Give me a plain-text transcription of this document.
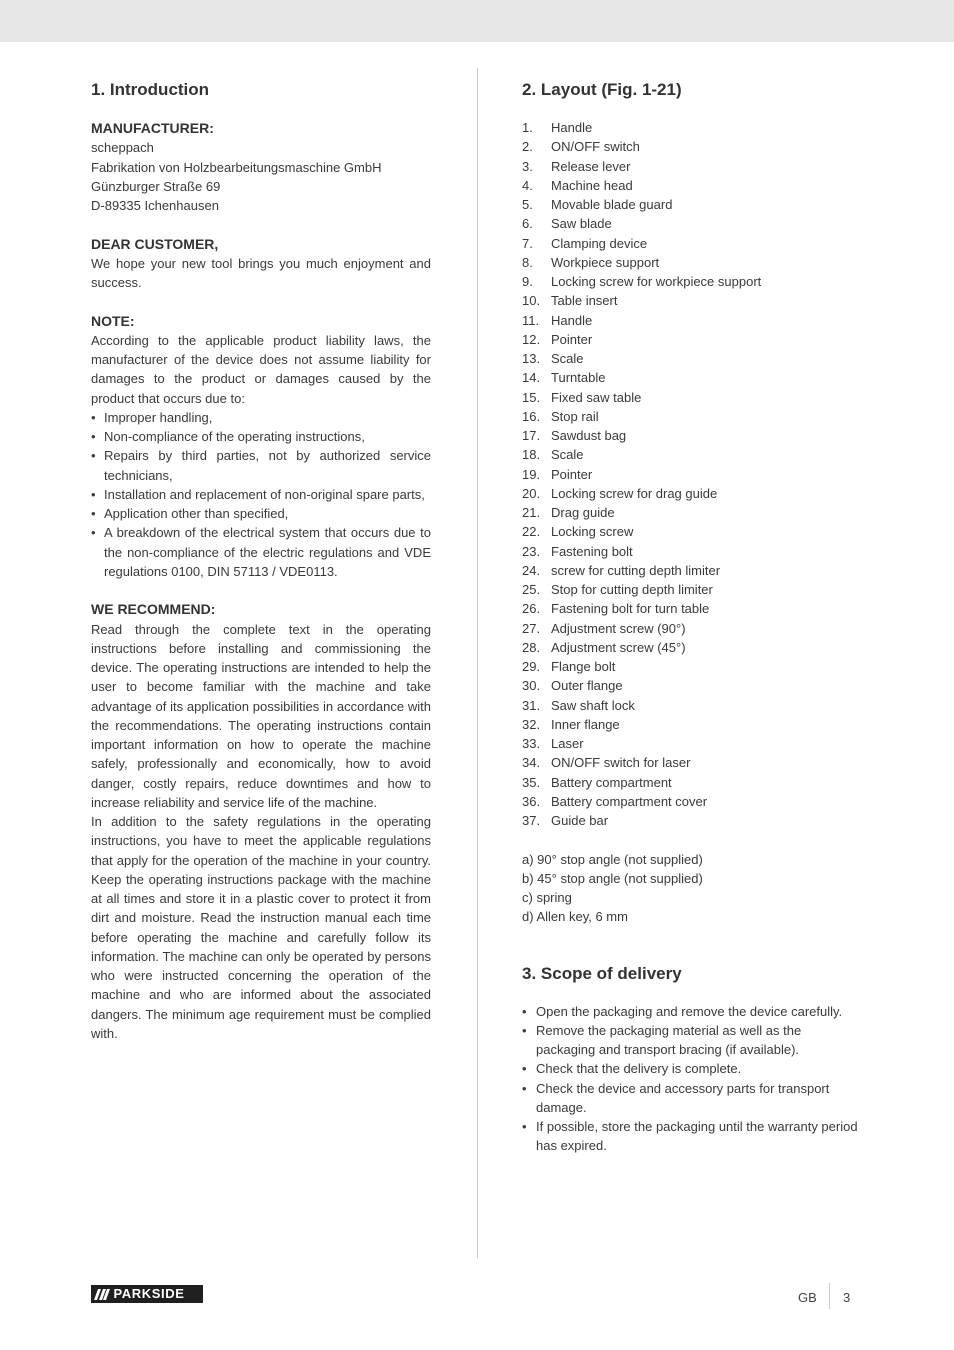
1. Introduction
MANUFACTURER:
scheppach
Fabrikation von Holzbearbeitungsmaschine GmbH
Günzburger Straße 69
D-89335 Ichenhausen
DEAR CUSTOMER,

We hope your new tool brings you much enjoyment and success.

NOTE:

According to the applicable product liability laws, the manufacturer of the device does not assume liability for damages to the product or damages caused by the product that occurs due to:

• Improper handling,
• Non-compliance of the operating instructions,
• Repairs by third parties, not by authorized service technicians,
• Installation and replacement of non-original spare parts,
• Application other than specified,
• A breakdown of the electrical system that occurs due to the non-compliance of the electric regulations and VDE regulations 0100, DIN 57113 / VDE0113.
WE RECOMMEND:

Read through the complete text in the operating instructions before installing and commissioning the device. The operating instructions are intended to help the user to become familiar with the machine and take advantage of its application possibilities in accordance with the recommendations. The operating instructions contain important information on how to operate the machine safely, professionally and economically, how to avoid danger, costly repairs, reduce downtimes and how to increase reliability and service life of the machine.

In addition to the safety regulations in the operating instructions, you have to meet the applicable regulations that apply for the operation of the machine in your country. Keep the operating instructions package with the machine at all times and store it in a plastic cover to protect it from dirt and moisture. Read the instruction manual each time before operating the machine and carefully follow its information. The machine can only be operated by persons who were instructed concerning the operation of the machine and who are informed about the associated dangers. The minimum age requirement must be complied with.

2. Layout (Fig. 1-21)
1.	Handle
2.	ON/OFF switch
3.	Release lever
4.	Machine head
5.	Movable blade guard
6.	Saw blade
7.	Clamping device
8.	Workpiece support
9.	Locking screw for workpiece support
10. Table insert
11. Handle
12. Pointer
13. Scale
14. Turntable
15. Fixed saw table
16. Stop rail
17. Sawdust bag
18. Scale
19. Pointer
20. Locking screw for drag guide
21. Drag guide
22. Locking screw
23. Fastening bolt
24. screw for cutting depth limiter
25. Stop for cutting depth limiter
26. Fastening bolt for turn table
27. Adjustment screw (90°)
28. Adjustment screw (45°)
29. Flange bolt
30. Outer flange
31. Saw shaft lock
32. Inner flange
33. Laser
34. ON/OFF switch for laser
35. Battery compartment
36. Battery compartment cover
37. Guide bar
a) 90° stop angle (not supplied)
b) 45° stop angle (not supplied)
c) spring
d) Allen key, 6 mm
3. Scope of delivery
• Open the packaging and remove the device carefully.
• Remove the packaging material as well as the packaging and transport bracing (if available).
• Check that the delivery is complete.
• Check the device and accessory parts for transport damage.
• If possible, store the packaging until the warranty period has expired.
PARKSIDE	GB 3
